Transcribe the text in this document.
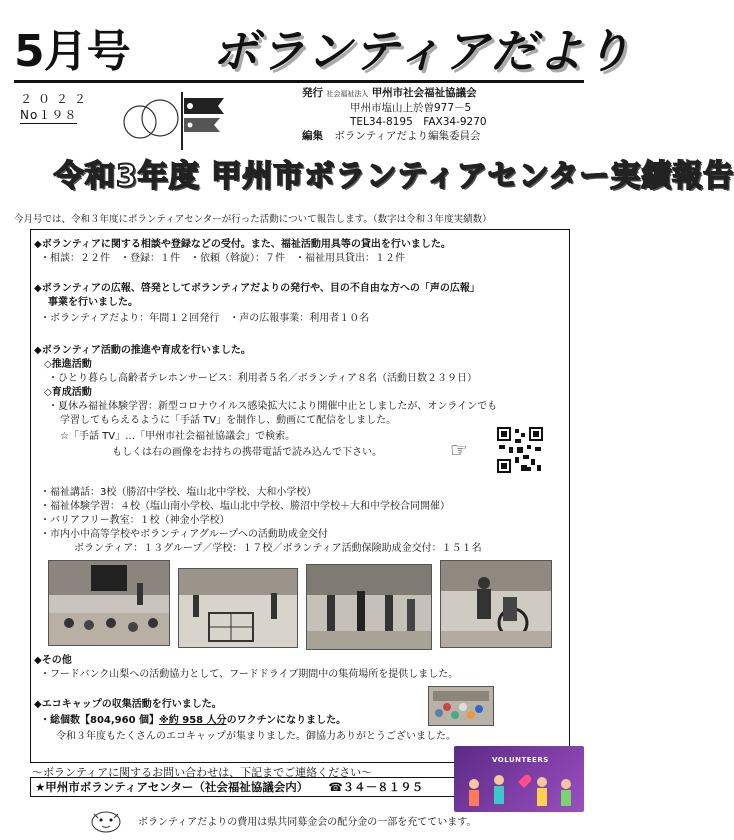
5月号 ボランティアだより
２０２２
No１９８
発行 社会福祉法人 甲州市社会福祉協議会
甲州市塩山上於曽977－5
TEL34-8195　FAX34-9270
編集 ボランティアだより編集委員会
令和3年度 甲州市ボランティアセンター実績報告
今月号では、令和３年度にボランティアセンターが行った活動について報告します。（数字は令和３年度実績数）
◆ボランティアに関する相談や登録などの受付。また、福祉活動用具等の貸出を行いました。
・相談：２２件　・登録：１件　・依頼（斡旋）：７件　・福祉用具貸出：１２件
◆ボランティアの広報、啓発としてボランティアだよりの発行や、目の不自由な方への「声の広報」
事業を行いました。
・ボランティアだより：年間１２回発行　・声の広報事業：利用者１０名
◆ボランティア活動の推進や育成を行いました。
◇推進活動
・ひとり暮らし高齢者テレホンサービス：利用者５名／ボランティア８名（活動日数２３９日）
◇育成活動
・夏休み福祉体験学習：新型コロナウイルス感染拡大により開催中止としましたが、オンラインでも
学習してもらえるように「手話 TV」を制作し、動画にて配信をしました。
☆「手話 TV」…「甲州市社会福祉協議会」で検索。
もしくは右の画像をお持ちの携帯電話で読み込んで下さい。	☞
・福祉講話：3校（勝沼中学校、塩山北中学校、大和小学校）
・福祉体験学習：４校（塩山南小学校、塩山北中学校、勝沼中学校＋大和中学校合同開催）
・バリアフリー教室：１校（神金小学校）
・市内小中高等学校やボランティアグループへの活動助成金交付
ボランティア：１３グループ／学校：１７校／ボランティア活動保険助成金交付：１５１名
◆その他
・フードバンク山梨への活動協力として、フードドライブ期間中の集荷場所を提供しました。
◆エコキャップの収集活動を行いました。
・総個数【804,960 個】※約 958 人分のワクチンになりました。
令和３年度もたくさんのエコキャップが集まりました。御協力ありがとうございました。
～ボランティアに関するお問い合わせは、下記までご連絡ください～
★甲州市ボランティアセンター（社会福祉協議会内） ☎３４－８１９５
VOLUNTEERS
ボランティアだよりの費用は県共同募金会の配分金の一部を充てています。
